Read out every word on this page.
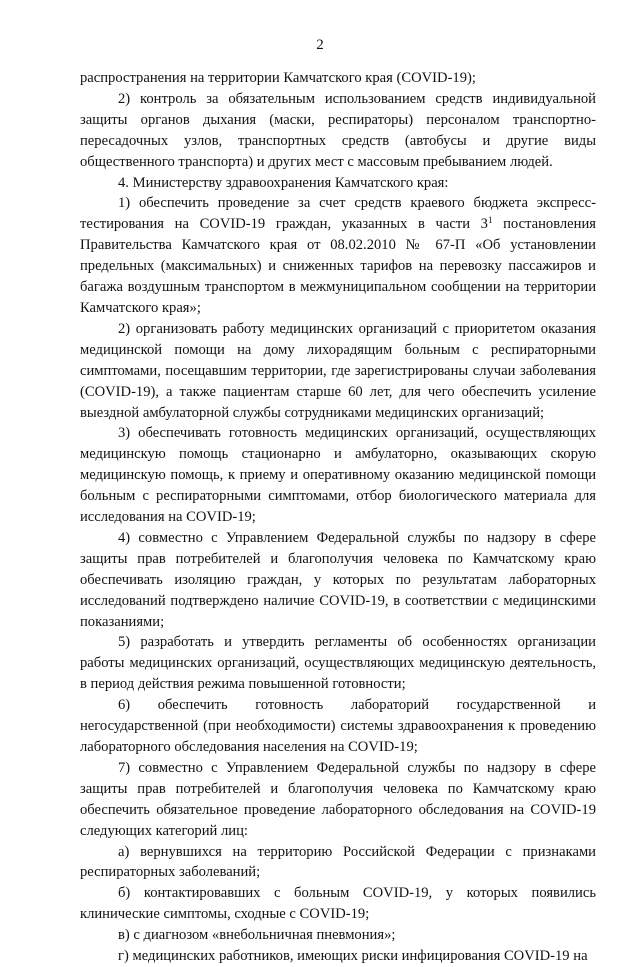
2

распространения на территории Камчатского края (COVID-19);

2) контроль за обязательным использованием средств индивидуальной защиты органов дыхания (маски, респираторы) персоналом транспортно-пересадочных узлов, транспортных средств (автобусы и другие виды общественного транспорта) и других мест с массовым пребыванием людей.

4. Министерству здравоохранения Камчатского края:

1) обеспечить проведение за счет средств краевого бюджета экспресс-тестирования на COVID-19 граждан, указанных в части $3^1$ постановления Правительства Камчатского края от 08.02.2010 № 67-П «Об установлении предельных (максимальных) и сниженных тарифов на перевозку пассажиров и багажа воздушным транспортом в межмуниципальном сообщении на территории Камчатского края»;

2) организовать работу медицинских организаций с приоритетом оказания медицинской помощи на дому лихорадящим больным с респираторными симптомами, посещавшим территории, где зарегистрированы случаи заболевания (COVID-19), а также пациентам старше 60 лет, для чего обеспечить усиление выездной амбулаторной службы сотрудниками медицинских организаций;

3) обеспечивать готовность медицинских организаций, осуществляющих медицинскую помощь стационарно и амбулаторно, оказывающих скорую медицинскую помощь, к приему и оперативному оказанию медицинской помощи больным с респираторными симптомами, отбор биологического материала для исследования на COVID-19;

4) совместно с Управлением Федеральной службы по надзору в сфере защиты прав потребителей и благополучия человека по Камчатскому краю обеспечивать изоляцию граждан, у которых по результатам лабораторных исследований подтверждено наличие COVID-19, в соответствии с медицинскими показаниями;

5) разработать и утвердить регламенты об особенностях организации работы медицинских организаций, осуществляющих медицинскую деятельность, в период действия режима повышенной готовности;

6) обеспечить готовность лабораторий государственной и негосударственной (при необходимости) системы здравоохранения к проведению лабораторного обследования населения на COVID-19;

7) совместно с Управлением Федеральной службы по надзору в сфере защиты прав потребителей и благополучия человека по Камчатскому краю обеспечить обязательное проведение лабораторного обследования на COVID-19 следующих категорий лиц:

а) вернувшихся на территорию Российской Федерации с признаками респираторных заболеваний;

б) контактировавших с больным COVID-19, у которых появились клинические симптомы, сходные с COVID-19;

в) с диагнозом «внебольничная пневмония»;

г) медицинских работников, имеющих риски инфицирования COVID-19 на
